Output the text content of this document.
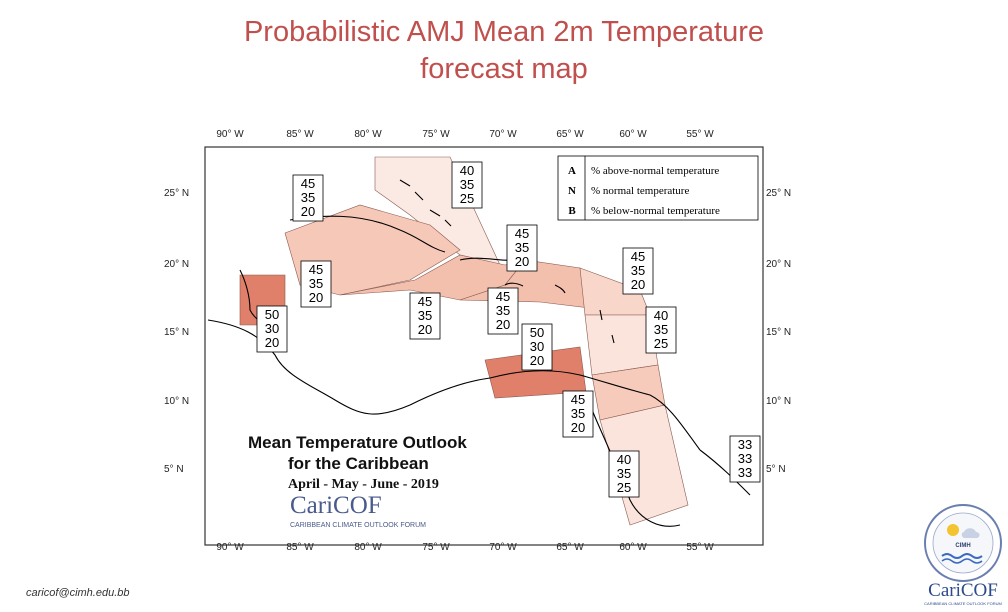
Probabilistic AMJ Mean 2m Temperature
forecast map
90° W	85° W	80° W	75° W	70° W	65° W	60° W	55° W
90° W	85° W	80° W	75° W	70° W	65° W	60° W	55° W
25° N
20° N
15° N
10° N
5° N
25° N
20° N
15° N
10° N
5° N
A % above-normal temperature
N % normal temperature
B % below-normal temperature
40
35
25
45
35
20
45
35
20	45
35
20
45
35
20
50
30
20
45
35
20
45
35
20
50
30
20
40
35
25
45
35
20
40
35
25
33
33
33
Mean Temperature Outlook
for the Caribbean
April - May - June - 2019
CariCOF
CARIBBEAN CLIMATE OUTLOOK FORUM
caricof@cimh.edu.bb
CIMH
CariCOF
CARIBBEAN CLIMATE OUTLOOK FORUM
